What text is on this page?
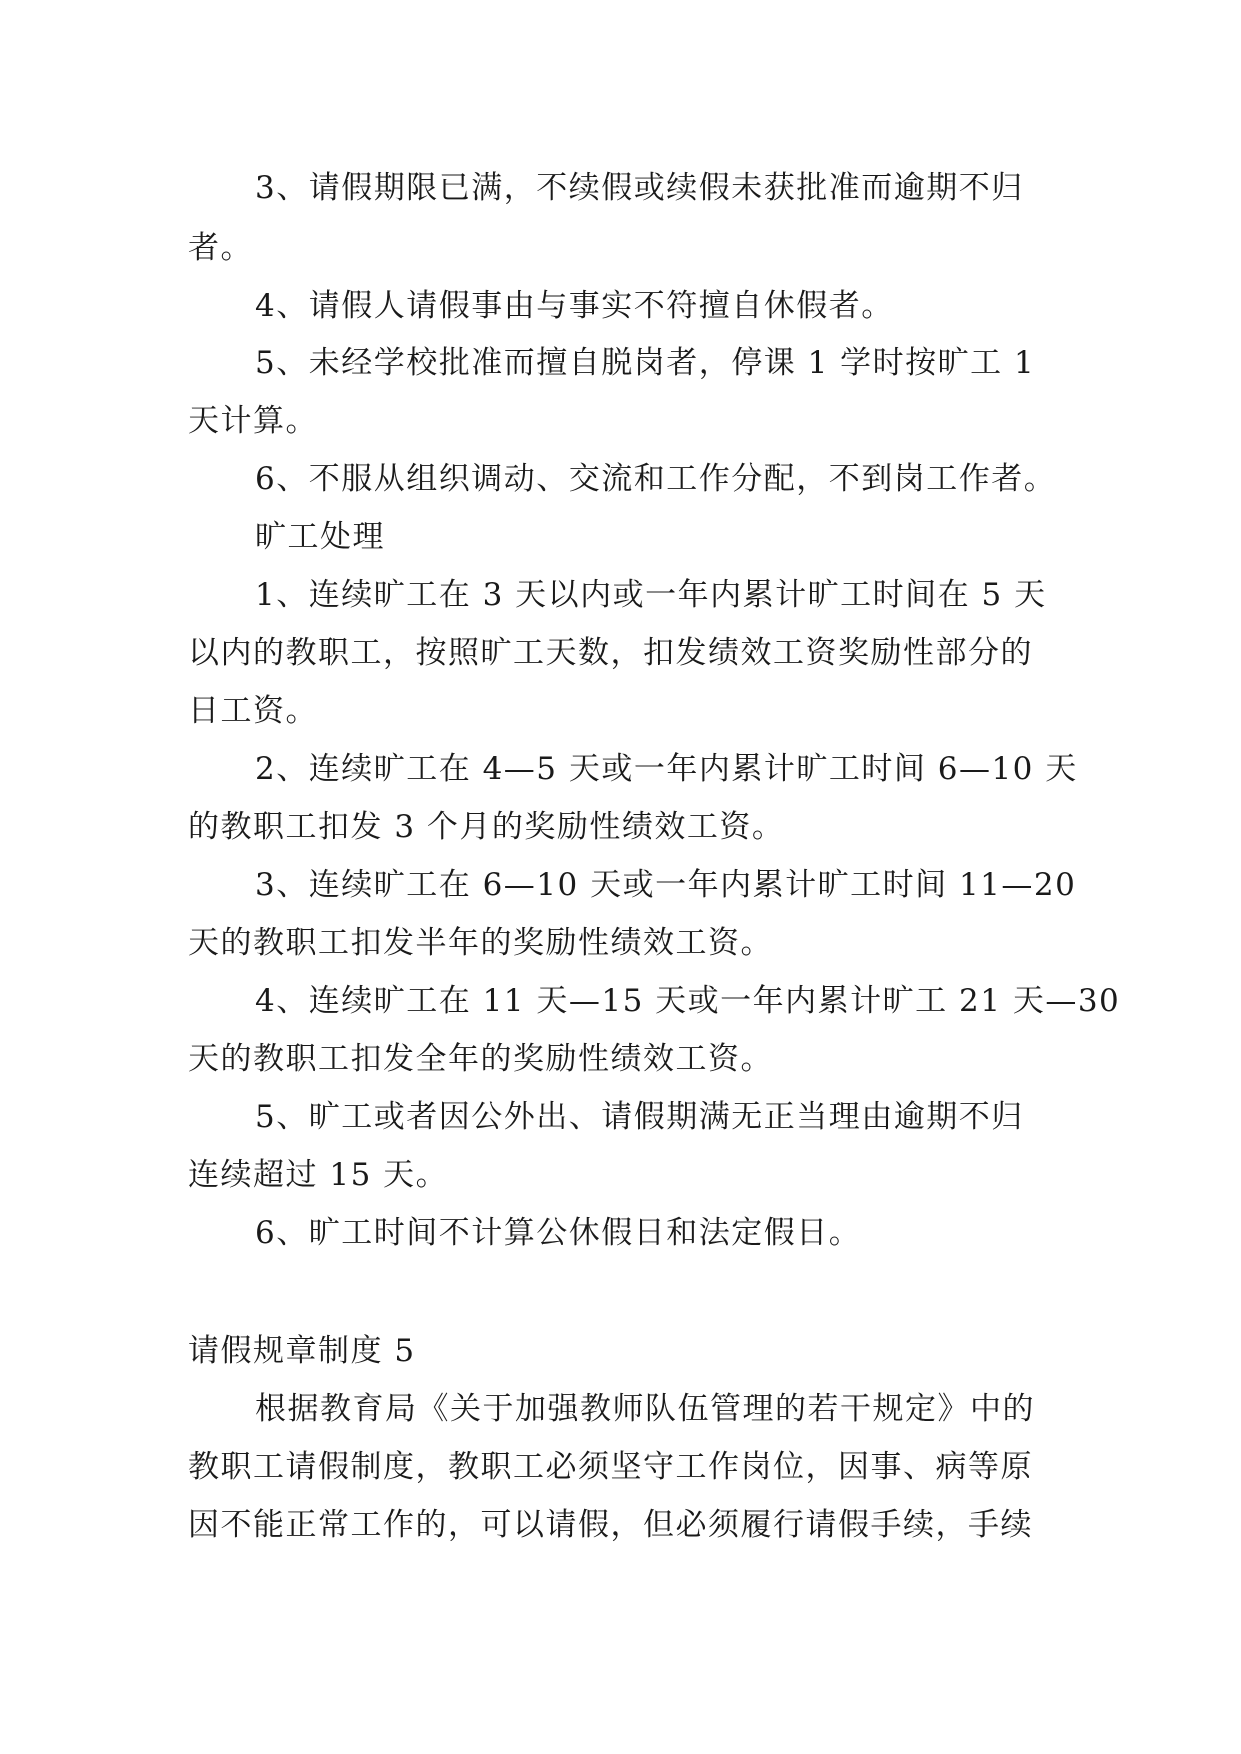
3、请假期限已满，不续假或续假未获批准而逾期不归
者。
4、请假人请假事由与事实不符擅自休假者。
5、未经学校批准而擅自脱岗者，停课 1 学时按旷工 1
天计算。
6、不服从组织调动、交流和工作分配，不到岗工作者。
旷工处理
1、连续旷工在 3 天以内或一年内累计旷工时间在 5 天
以内的教职工，按照旷工天数，扣发绩效工资奖励性部分的
日工资。
2、连续旷工在 4—5 天或一年内累计旷工时间 6—10 天
的教职工扣发 3 个月的奖励性绩效工资。
3、连续旷工在 6—10 天或一年内累计旷工时间 11—20
天的教职工扣发半年的奖励性绩效工资。
4、连续旷工在 11 天—15 天或一年内累计旷工 21 天—30
天的教职工扣发全年的奖励性绩效工资。
5、旷工或者因公外出、请假期满无正当理由逾期不归
连续超过 15 天。
6、旷工时间不计算公休假日和法定假日。
请假规章制度 5
根据教育局《关于加强教师队伍管理的若干规定》中的
教职工请假制度，教职工必须坚守工作岗位，因事、病等原
因不能正常工作的，可以请假，但必须履行请假手续，手续
